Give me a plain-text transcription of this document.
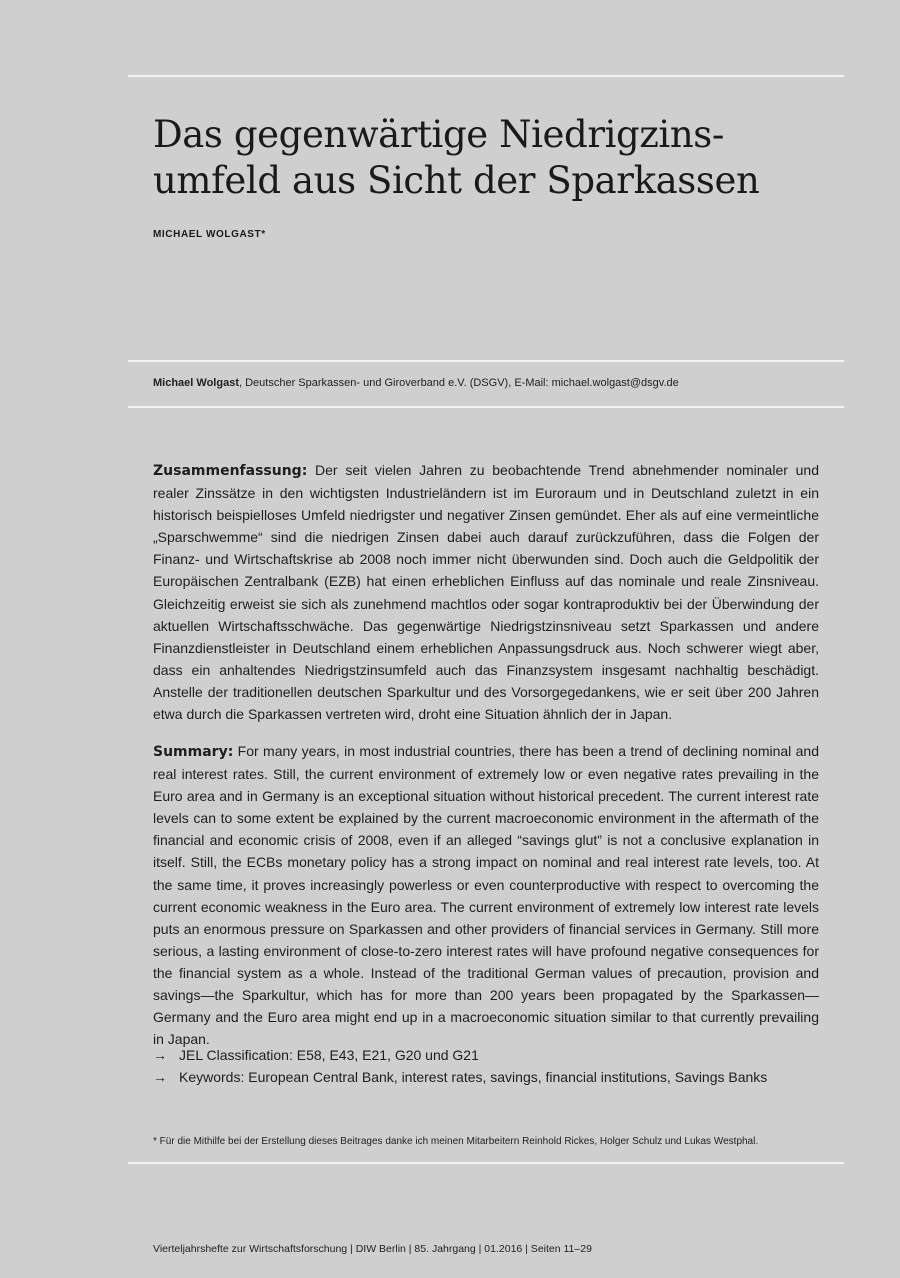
Das gegenwärtige Niedrigzins-
umfeld aus Sicht der Sparkassen
MICHAEL WOLGAST*
Michael Wolgast, Deutscher Sparkassen- und Giroverband e.V. (DSGV), E-Mail: michael.wolgast@dsgv.de

Zusammenfassung: Der seit vielen Jahren zu beobachtende Trend abnehmender nominaler und realer Zinssätze in den wichtigsten Industrieländern ist im Euroraum und in Deutschland zuletzt in ein historisch beispielloses Umfeld niedrigster und negativer Zinsen gemündet. Eher als auf eine vermeintliche „Sparschwemme“ sind die niedrigen Zinsen dabei auch darauf zurückzuführen, dass die Folgen der Finanz- und Wirtschaftskrise ab 2008 noch immer nicht überwunden sind. Doch auch die Geldpolitik der Europäischen Zentralbank (EZB) hat einen erheblichen Einfluss auf das nominale und reale Zinsniveau. Gleichzeitig erweist sie sich als zunehmend machtlos oder sogar kontraproduktiv bei der Überwindung der aktuellen Wirtschaftsschwäche. Das gegenwärtige Niedrigstzinsniveau setzt Sparkassen und andere Finanzdienstleister in Deutschland einem erheblichen Anpassungsdruck aus. Noch schwerer wiegt aber, dass ein anhaltendes Niedrigstzinsumfeld auch das Finanzsystem insgesamt nachhaltig beschädigt. Anstelle der traditionellen deutschen Sparkultur und des Vorsorgegedankens, wie er seit über 200 Jahren etwa durch die Sparkassen vertreten wird, droht eine Situation ähnlich der in Japan.

Summary: For many years, in most industrial countries, there has been a trend of declining nominal and real interest rates. Still, the current environment of extremely low or even negative rates prevailing in the Euro area and in Germany is an exceptional situation without historical precedent. The current interest rate levels can to some extent be explained by the current macroeconomic environment in the aftermath of the financial and economic crisis of 2008, even if an alleged “savings glut” is not a conclusive explanation in itself. Still, the ECBs monetary policy has a strong impact on nominal and real interest rate levels, too. At the same time, it proves increasingly powerless or even counterproductive with respect to overcoming the current economic weakness in the Euro area. The current environment of extremely low interest rate levels puts an enormous pressure on Sparkassen and other providers of financial services in Germany. Still more serious, a lasting environment of close-to-zero interest rates will have profound negative consequences for the financial system as a whole. Instead of the traditional German values of precaution, provision and savings—the Sparkultur, which has for more than 200 years been propagated by the Sparkassen—Germany and the Euro area might end up in a macroeconomic situation similar to that currently prevailing in Japan.

→ JEL Classification: E58, E43, E21, G20 und G21
→ Keywords: European Central Bank, interest rates, savings, financial institutions, Savings Banks
* Für die Mithilfe bei der Erstellung dieses Beitrages danke ich meinen Mitarbeitern Reinhold Rickes, Holger Schulz und Lukas Westphal.
Vierteljahrshefte zur Wirtschaftsforschung | DIW Berlin | 85. Jahrgang | 01.2016 | Seiten 11–29
